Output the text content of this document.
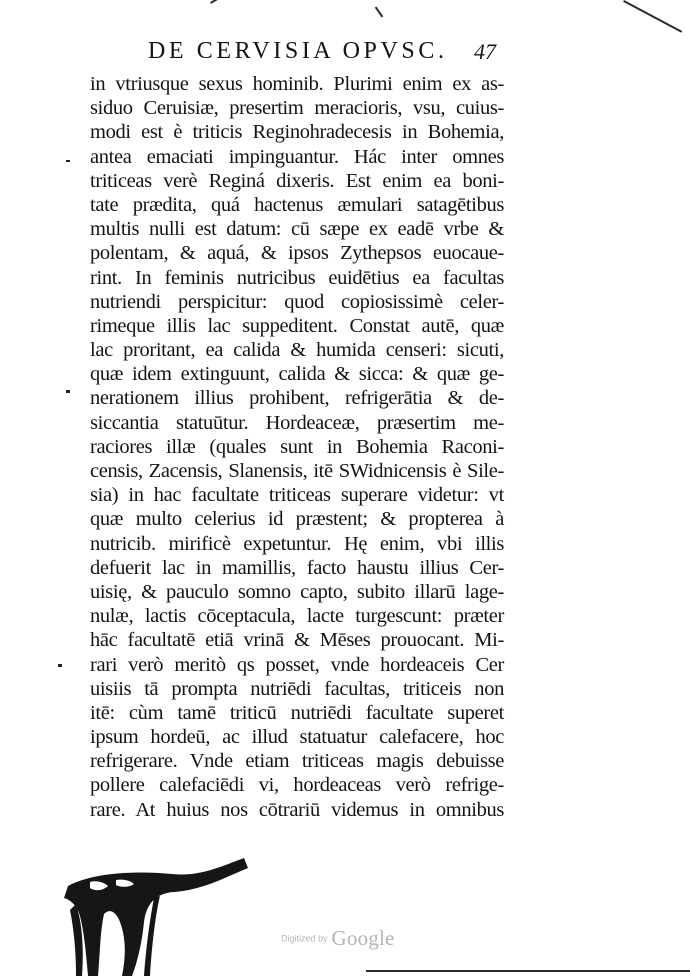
DE CERVISIA OPVSC. 47
in vtriusque sexus hominib. Plurimi enim ex as-
siduo Ceruisiæ, presertim meracioris, vsu, cuius-
modi est è triticis Reginohradecesis in Bohemia,
antea emaciati impinguantur. Hác inter omnes
triticeas verè Reginá dixeris. Est enim ea boni-
tate prædita, quá hactenus æmulari satagētibus
multis nulli est datum: cū sæpe ex eadē vrbe &
polentam, & aquá, & ipsos Zythepsos euocaue-
rint. In feminis nutricibus euidētius ea facultas
nutriendi perspicitur: quod copiosissimè celer-
rimeque illis lac suppeditent. Constat autē, quæ
lac proritant, ea calida & humida censeri: sicuti,
quæ idem extinguunt, calida & sicca: & quæ ge-
nerationem illius prohibent, refrigerātia & de-
siccantia statuūtur. Hordeaceæ, præsertim me-
raciores illæ (quales sunt in Bohemia Raconi-
censis, Zacensis, Slanensis, itē SWidnicensis è Sile-
sia) in hac facultate triticeas superare videtur: vt
quæ multo celerius id præstent; & propterea à
nutricib. mirificè expetuntur. Hę enim, vbi illis
defuerit lac in mamillis, facto haustu illius Cer-
uisię, & pauculo somno capto, subito illarū lage-
nulæ, lactis cōceptacula, lacte turgescunt: præter
hāc facultatē etiā vrinā & Mēses prouocant. Mi-
rari verò meritò qs posset, vnde hordeaceis Cer
uisiis tā prompta nutriēdi facultas, triticeis non
itē: cùm tamē triticū nutriēdi facultate superet
ipsum hordeū, ac illud statuatur calefacere, hoc
refrigerare. Vnde etiam triticeas magis debuisse
pollere calefaciēdi vi, hordeaceas verò refrige-
rare. At huius nos cōtrariū videmus in omnibus
Digitized by Google
